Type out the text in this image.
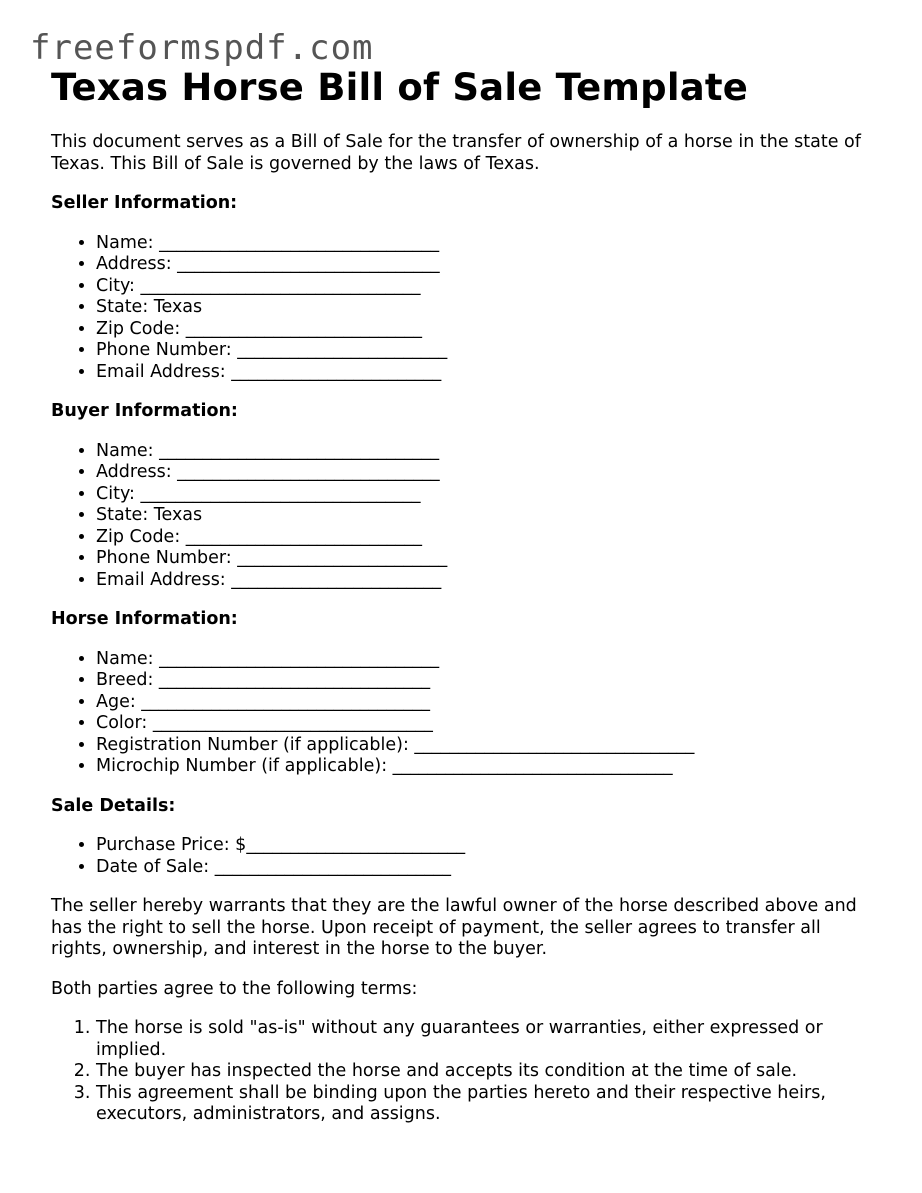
freeformspdf.com
Texas Horse Bill of Sale Template

This document serves as a Bill of Sale for the transfer of ownership of a horse in the state of Texas. This Bill of Sale is governed by the laws of Texas.

Seller Information:
• Name: ________________________________
• Address: ______________________________
• City: ________________________________
• State: Texas
• Zip Code: ___________________________
• Phone Number: ________________________
• Email Address: ________________________
Buyer Information:
• Name: ________________________________
• Address: ______________________________
• City: ________________________________
• State: Texas
• Zip Code: ___________________________
• Phone Number: ________________________
• Email Address: ________________________
Horse Information:
• Name: ________________________________
• Breed: _______________________________
• Age: _________________________________
• Color: ________________________________
• Registration Number (if applicable): ________________________________
• Microchip Number (if applicable): ________________________________
Sale Details:
• Purchase Price: $_________________________
• Date of Sale: ___________________________

The seller hereby warrants that they are the lawful owner of the horse described above and has the right to sell the horse. Upon receipt of payment, the seller agrees to transfer all rights, ownership, and interest in the horse to the buyer.

Both parties agree to the following terms:

1. The horse is sold "as-is" without any guarantees or warranties, either expressed or implied.
2. The buyer has inspected the horse and accepts its condition at the time of sale.
3. This agreement shall be binding upon the parties hereto and their respective heirs, executors, administrators, and assigns.
